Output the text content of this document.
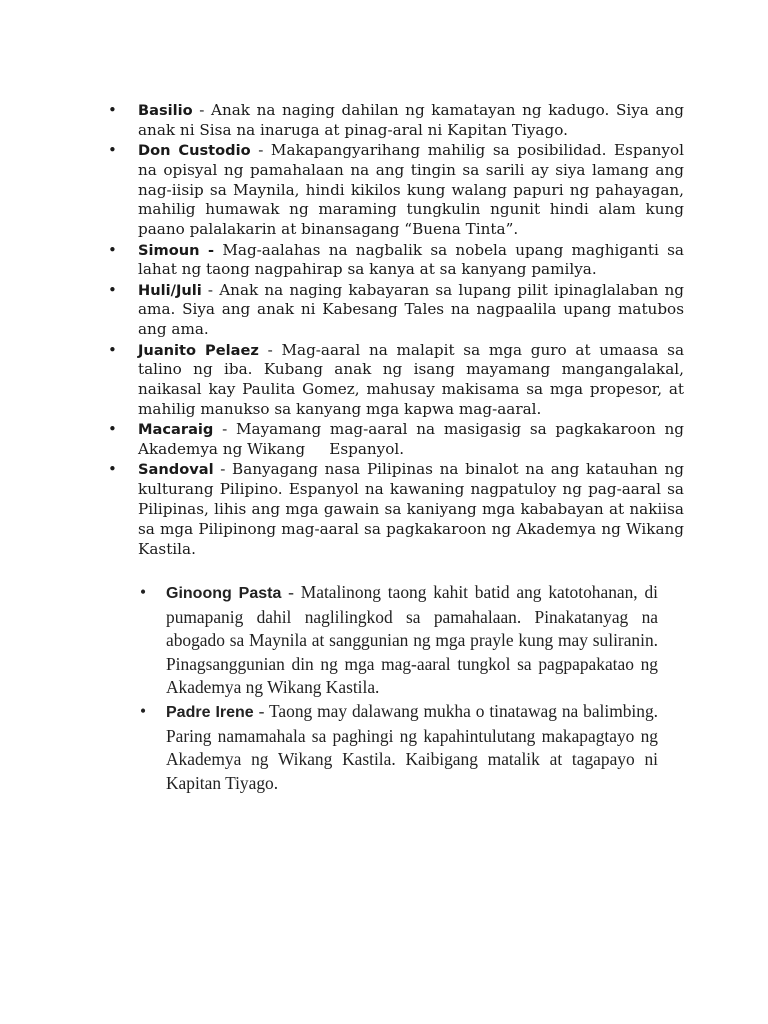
• Basilio - Anak na naging dahilan ng kamatayan ng kadugo. Siya ang anak ni Sisa na inaruga at pinag-aral ni Kapitan Tiyago.
• Don Custodio - Makapangyarihang mahilig sa posibilidad. Espanyol na opisyal ng pamahalaan na ang tingin sa sarili ay siya lamang ang nag-iisip sa Maynila, hindi kikilos kung walang papuri ng pahayagan, mahilig humawak ng maraming tungkulin ngunit hindi alam kung paano palalakarin at binansagang “Buena Tinta”.
• Simoun - Mag-aalahas na nagbalik sa nobela upang maghiganti sa lahat ng taong nagpahirap sa kanya at sa kanyang pamilya.
• Huli/Juli - Anak na naging kabayaran sa lupang pilit ipinaglalaban ng ama. Siya ang anak ni Kabesang Tales na nagpaalila upang matubos ang ama.
• Juanito Pelaez - Mag-aaral na malapit sa mga guro at umaasa sa talino ng iba. Kubang anak ng isang mayamang mangangalakal, naikasal kay Paulita Gomez, mahusay makisama sa mga propesor, at mahilig manukso sa kanyang mga kapwa mag-aaral.
• Macaraig - Mayamang mag-aaral na masigasig sa pagkakaroon ng Akademya ng Wikang     Espanyol.
• Sandoval - Banyagang nasa Pilipinas na binalot na ang katauhan ng kulturang Pilipino. Espanyol na kawaning nagpatuloy ng pag-aaral sa Pilipinas, lihis ang mga gawain sa kaniyang mga kababayan at nakiisa sa mga Pilipinong mag-aaral sa pagkakaroon ng Akademya ng Wikang Kastila.
• Ginoong Pasta - Matalinong taong kahit batid ang katotohanan, di pumapanig dahil naglilingkod sa pamahalaan. Pinakatanyag na abogado sa Maynila at sanggunian ng mga prayle kung may suliranin. Pinagsanggunian din ng mga mag-aaral tungkol sa pagpapakatao ng Akademya ng Wikang Kastila.
• Padre Irene - Taong may dalawang mukha o tinatawag na balimbing. Paring namamahala sa paghingi ng kapahintulutang makapagtayo ng Akademya ng Wikang Kastila. Kaibigang matalik at tagapayo ni Kapitan Tiyago.
